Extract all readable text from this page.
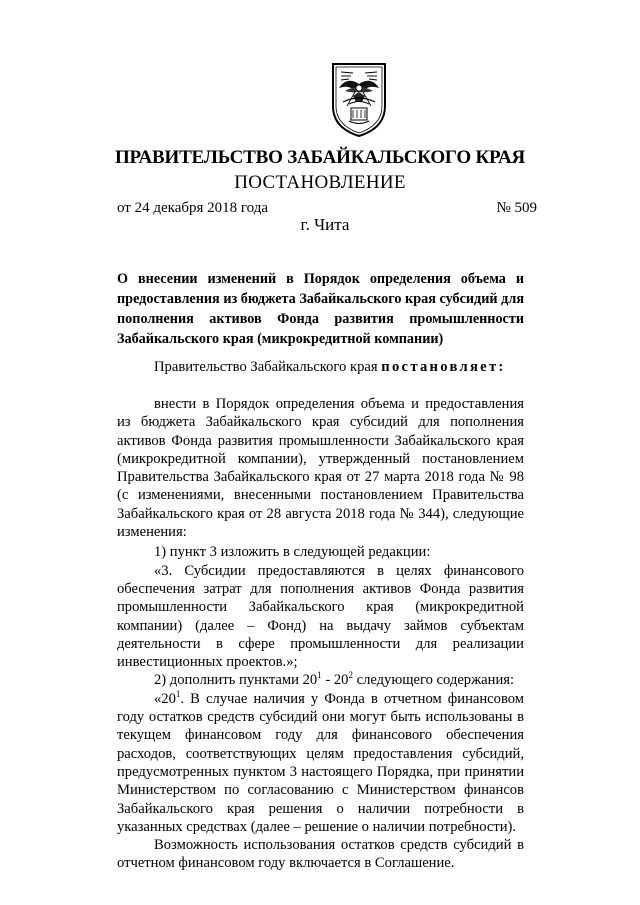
ПРАВИТЕЛЬСТВО ЗАБАЙКАЛЬСКОГО КРАЯ
ПОСТАНОВЛЕНИЕ
от 24 декабря 2018 года	№ 509
г. Чита
О внесении изменений в Порядок определения объема и предоставления из бюджета Забайкальского края субсидий для пополнения активов Фонда развития промышленности Забайкальского края (микрокредитной компании)
Правительство Забайкальского края постановляет:

внести в Порядок определения объема и предоставления из бюджета Забайкальского края субсидий для пополнения активов Фонда развития промышленности Забайкальского края (микрокредитной компании), утвержденный постановлением Правительства Забайкальского края от 27 марта 2018 года № 98 (с изменениями, внесенными постановлением Правительства Забайкальского края от 28 августа 2018 года № 344), следующие изменения:

1) пункт 3 изложить в следующей редакции:

«3. Субсидии предоставляются в целях финансового обеспечения затрат для пополнения активов Фонда развития промышленности Забайкальского края (микрокредитной компании) (далее – Фонд) на выдачу займов субъектам деятельности в сфере промышленности для реализации инвестиционных проектов.»;

2) дополнить пунктами $20^1 - 20^2$ следующего содержания:

«$20^1$. В случае наличия у Фонда в отчетном финансовом году остатков средств субсидий они могут быть использованы в текущем финансовом году для финансового обеспечения расходов, соответствующих целям предоставления субсидий, предусмотренных пунктом 3 настоящего Порядка, при принятии Министерством по согласованию с Министерством финансов Забайкальского края решения о наличии потребности в указанных средствах (далее – решение о наличии потребности).

Возможность использования остатков средств субсидий в отчетном финансовом году включается в Соглашение.
